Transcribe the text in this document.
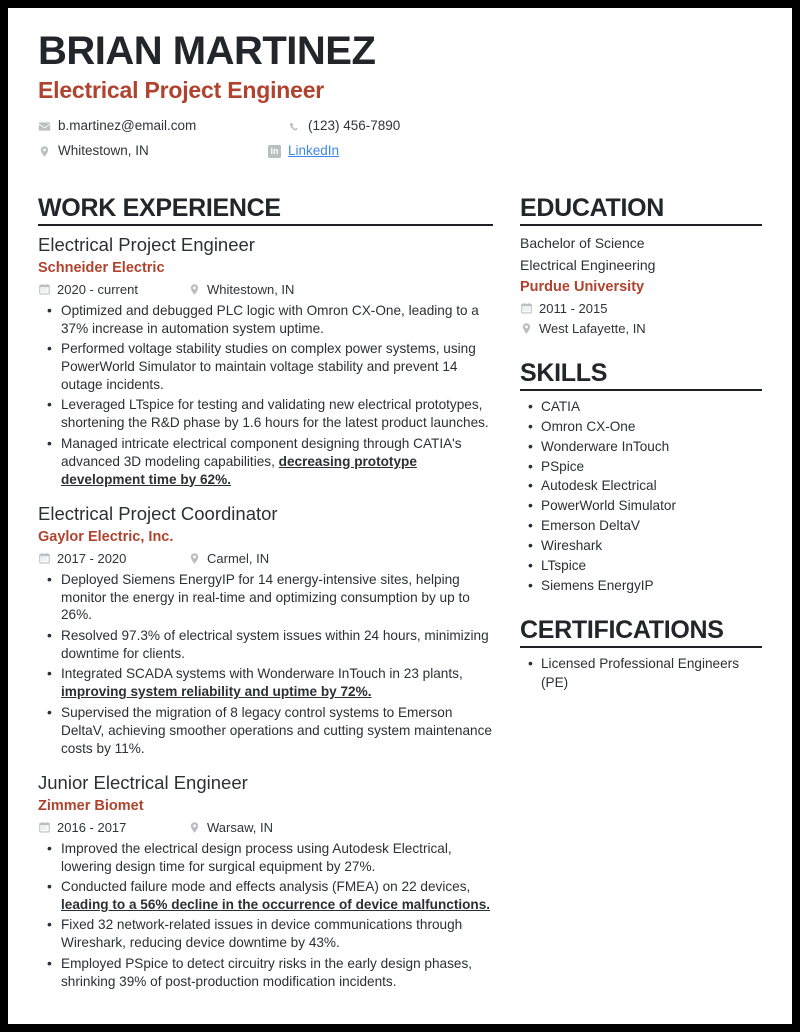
BRIAN MARTINEZ
Electrical Project Engineer
b.martinez@email.com	(123) 456-7890
Whitestown, IN	in LinkedIn
WORK EXPERIENCE
Electrical Project Engineer
Schneider Electric
2020 - current	Whitestown, IN
• Optimized and debugged PLC logic with Omron CX-One, leading to a 37% increase in automation system uptime.
• Performed voltage stability studies on complex power systems, using PowerWorld Simulator to maintain voltage stability and prevent 14 outage incidents.
• Leveraged LTspice for testing and validating new electrical prototypes, shortening the R&D phase by 1.6 hours for the latest product launches.
• Managed intricate electrical component designing through CATIA's advanced 3D modeling capabilities, decreasing prototype development time by 62%.
Electrical Project Coordinator
Gaylor Electric, Inc.
2017 - 2020	Carmel, IN
• Deployed Siemens EnergyIP for 14 energy-intensive sites, helping monitor the energy in real-time and optimizing consumption by up to 26%.
• Resolved 97.3% of electrical system issues within 24 hours, minimizing downtime for clients.
• Integrated SCADA systems with Wonderware InTouch in 23 plants, improving system reliability and uptime by 72%.
• Supervised the migration of 8 legacy control systems to Emerson DeltaV, achieving smoother operations and cutting system maintenance costs by 11%.
Junior Electrical Engineer
Zimmer Biomet
2016 - 2017	Warsaw, IN
• Improved the electrical design process using Autodesk Electrical, lowering design time for surgical equipment by 27%.
• Conducted failure mode and effects analysis (FMEA) on 22 devices, leading to a 56% decline in the occurrence of device malfunctions.
• Fixed 32 network-related issues in device communications through Wireshark, reducing device downtime by 43%.
• Employed PSpice to detect circuitry risks in the early design phases, shrinking 39% of post-production modification incidents.
EDUCATION
Bachelor of Science
Electrical Engineering
Purdue University
2011 - 2015
West Lafayette, IN
SKILLS
• CATIA
• Omron CX-One
• Wonderware InTouch
• PSpice
• Autodesk Electrical
• PowerWorld Simulator
• Emerson DeltaV
• Wireshark
• LTspice
• Siemens EnergyIP
CERTIFICATIONS
• Licensed Professional Engineers (PE)
